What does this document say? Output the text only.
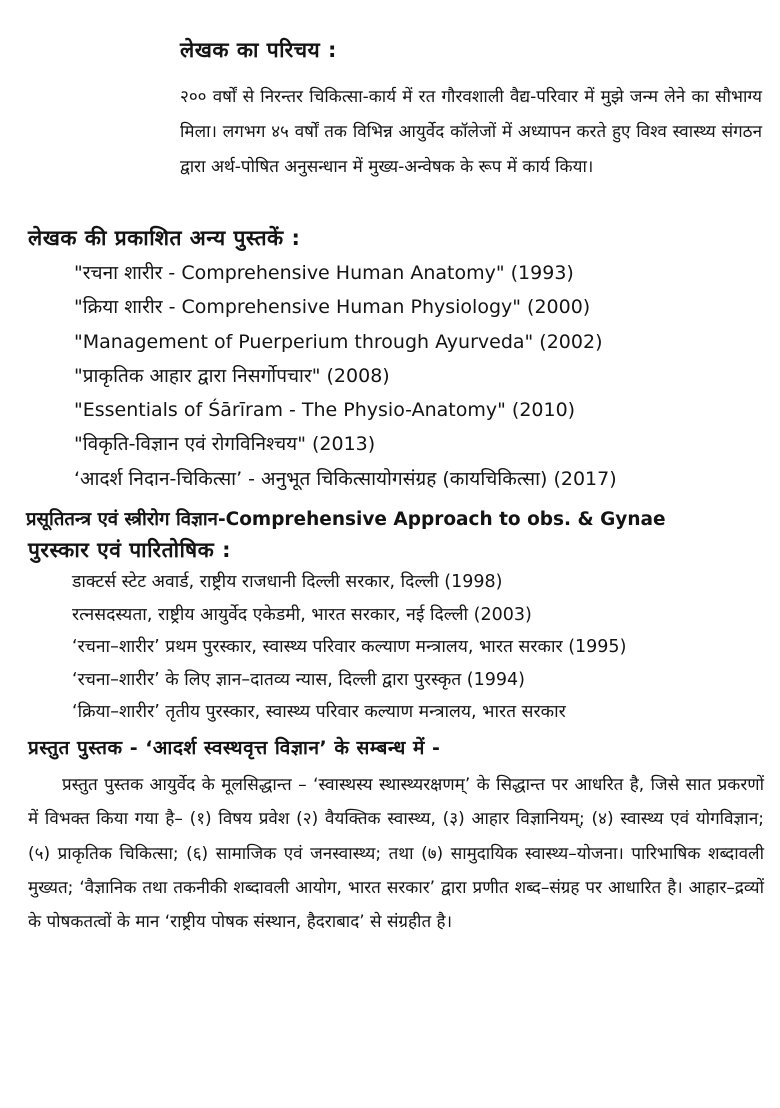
लेखक का परिचय :

२०० वर्षों से निरन्तर चिकित्सा-कार्य में रत गौरवशाली वैद्य-परिवार में मुझे जन्म लेने का सौभाग्य मिला। लगभग ४५ वर्षों तक विभिन्न आयुर्वेद कॉलेजों में अध्यापन करते हुए विश्व स्वास्थ्य संगठन द्वारा अर्थ-पोषित अनुसन्धान में मुख्य-अन्वेषक के रूप में कार्य किया।

लेखक की प्रकाशित अन्य पुस्तकें :
"रचना शारीर - Comprehensive Human Anatomy" (1993)
"क्रिया शारीर - Comprehensive Human Physiology" (2000)
"Management of Puerperium through Ayurveda" (2002)
"प्राकृतिक आहार द्वारा निसर्गोपचार" (2008)
"Essentials of Śārīram - The Physio-Anatomy" (2010)
"विकृति-विज्ञान एवं रोगविनिश्चय" (2013)
‘आदर्श निदान-चिकित्सा’ - अनुभूत चिकित्सायोगसंग्रह (कायचिकित्सा) (2017)
प्रसूतितन्त्र एवं स्त्रीरोग विज्ञान-Comprehensive Approach to obs. & Gynae
पुरस्कार एवं पारितोषिक :
डाक्टर्स स्टेट अवार्ड, राष्ट्रीय राजधानी दिल्ली सरकार, दिल्ली (1998)
रत्नसदस्यता, राष्ट्रीय आयुर्वेद एकेडमी, भारत सरकार, नई दिल्ली (2003)
‘रचना–शारीर’ प्रथम पुरस्कार, स्वास्थ्य परिवार कल्याण मन्त्रालय, भारत सरकार (1995)
‘रचना–शारीर’ के लिए ज्ञान–दातव्य न्यास, दिल्ली द्वारा पुरस्कृत (1994)
‘क्रिया–शारीर’ तृतीय पुरस्कार, स्वास्थ्य परिवार कल्याण मन्त्रालय, भारत सरकार
प्रस्तुत पुस्तक - ‘आदर्श स्वस्थवृत्त विज्ञान’ के सम्बन्ध में -

प्रस्तुत पुस्तक आयुर्वेद के मूलसिद्धान्त – ‘स्वास्थस्य स्थास्थ्यरक्षणम्’ के सिद्धान्त पर आधरित है, जिसे सात प्रकरणों में विभक्त किया गया है– (१) विषय प्रवेश (२) वैयक्तिक स्वास्थ्य, (३) आहार विज्ञानियम्; (४) स्वास्थ्य एवं योगविज्ञान; (५) प्राकृतिक चिकित्सा; (६) सामाजिक एवं जनस्वास्थ्य; तथा (७) सामुदायिक स्वास्थ्य–योजना। पारिभाषिक शब्दावली मुख्यत; ‘वैज्ञानिक तथा तकनीकी शब्दावली आयोग, भारत सरकार’ द्वारा प्रणीत शब्द–संग्रह पर आधारित है। आहार–द्रव्यों के पोषकतत्वों के मान ‘राष्ट्रीय पोषक संस्थान, हैदराबाद’ से संग्रहीत है।
